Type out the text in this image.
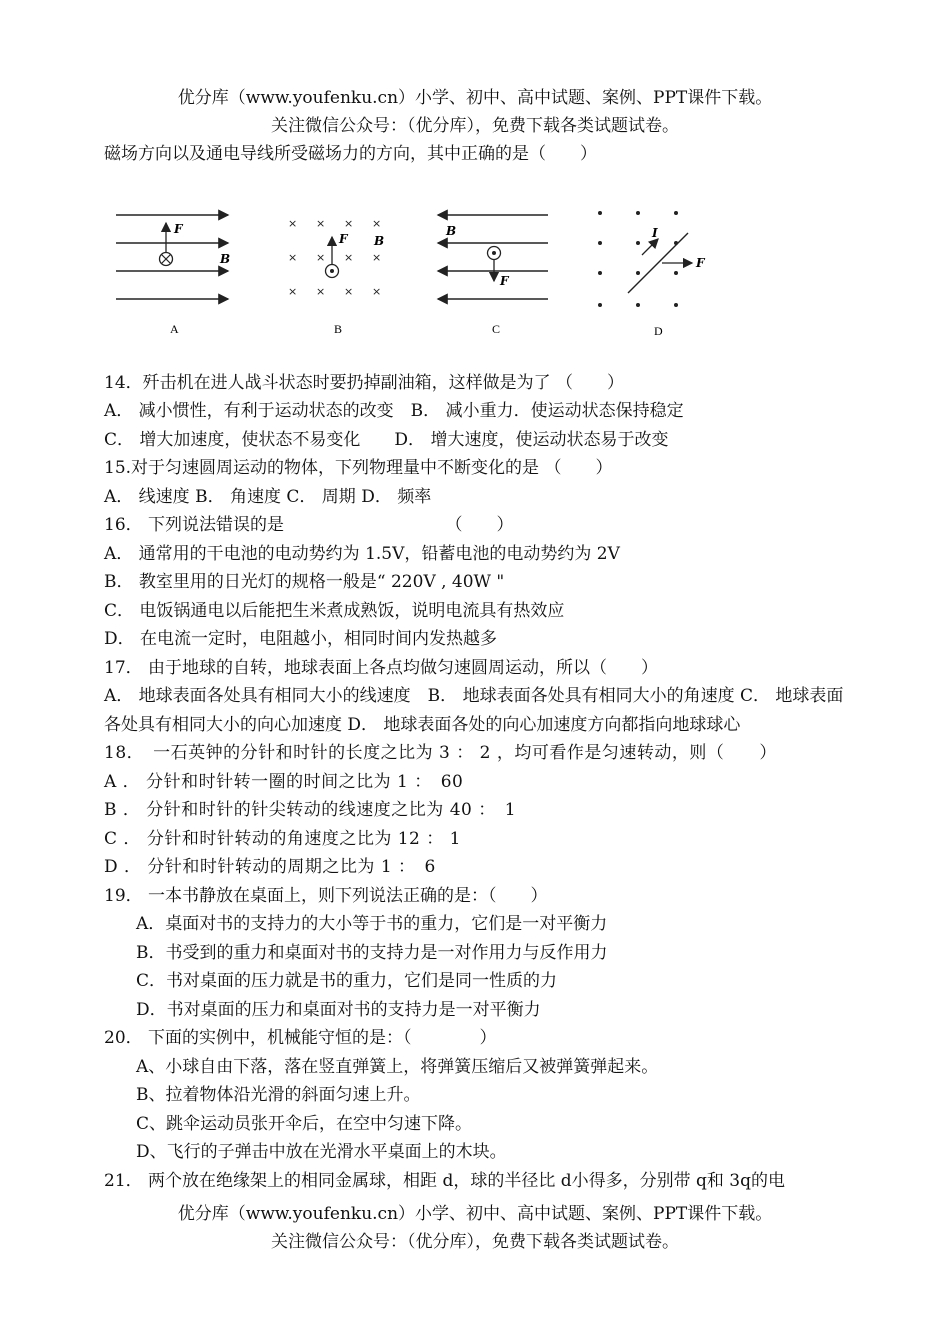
优分库（www.youfenku.cn）小学、初中、高中试题、案例、PPT课件下载。
关注微信公众号：（优分库），免费下载各类试题试卷。
磁场方向以及通电导线所受磁场力的方向，其中正确的是（　　）
F
B
A
× × × ×
× × × ×
× × × ×
F B
B
B
F
C
I
F
D
14．歼击机在进人战斗状态时要扔掉副油箱，这样做是为了 （　　）
A． 减小惯性，有利于运动状态的改变　B． 减小重力．使运动状态保持稳定
C． 增大加速度，使状态不易变化　　D． 增大速度，使运动状态易于改变
15.对于匀速圆周运动的物体，下列物理量中不断变化的是 （　　）
A． 线速度 B． 角速度 C． 周期 D． 频率
16． 下列说法错误的是　　　　　　　　　　（　　）
A． 通常用的干电池的电动势约为 1.5V，铅蓄电池的电动势约为 2V
B． 教室里用的日光灯的规格一般是“ 220V , 40W "
C． 电饭锅通电以后能把生米煮成熟饭，说明电流具有热效应
D． 在电流一定时，电阻越小，相同时间内发热越多
17． 由于地球的自转，地球表面上各点均做匀速圆周运动，所以（　　）
A． 地球表面各处具有相同大小的线速度　B． 地球表面各处具有相同大小的角速度 C． 地球表面各处具有相同大小的向心加速度 D． 地球表面各处的向心加速度方向都指向地球球心
18．　一石英钟的分针和时针的长度之比为 3 ： 2 ，均可看作是匀速转动，则（　　）
A ． 分针和时针转一圈的时间之比为 1 ：　60
B ． 分针和时针的针尖转动的线速度之比为 40 ：　1
C ． 分针和时针转动的角速度之比为 12 ： 1
D ． 分针和时针转动的周期之比为 1 ：　6
19． 一本书静放在桌面上，则下列说法正确的是：（　　）
A．桌面对书的支持力的大小等于书的重力，它们是一对平衡力
B．书受到的重力和桌面对书的支持力是一对作用力与反作用力
C．书对桌面的压力就是书的重力，它们是同一性质的力
D．书对桌面的压力和桌面对书的支持力是一对平衡力
20． 下面的实例中，机械能守恒的是：（　　　　）
A、小球自由下落，落在竖直弹簧上，将弹簧压缩后又被弹簧弹起来。
B、拉着物体沿光滑的斜面匀速上升。
C、跳伞运动员张开伞后，在空中匀速下降。
D、飞行的子弹击中放在光滑水平桌面上的木块。
21． 两个放在绝缘架上的相同金属球，相距 d，球的半径比 d小得多，分别带 q和 3q的电
优分库（www.youfenku.cn）小学、初中、高中试题、案例、PPT课件下载。
关注微信公众号：（优分库），免费下载各类试题试卷。
